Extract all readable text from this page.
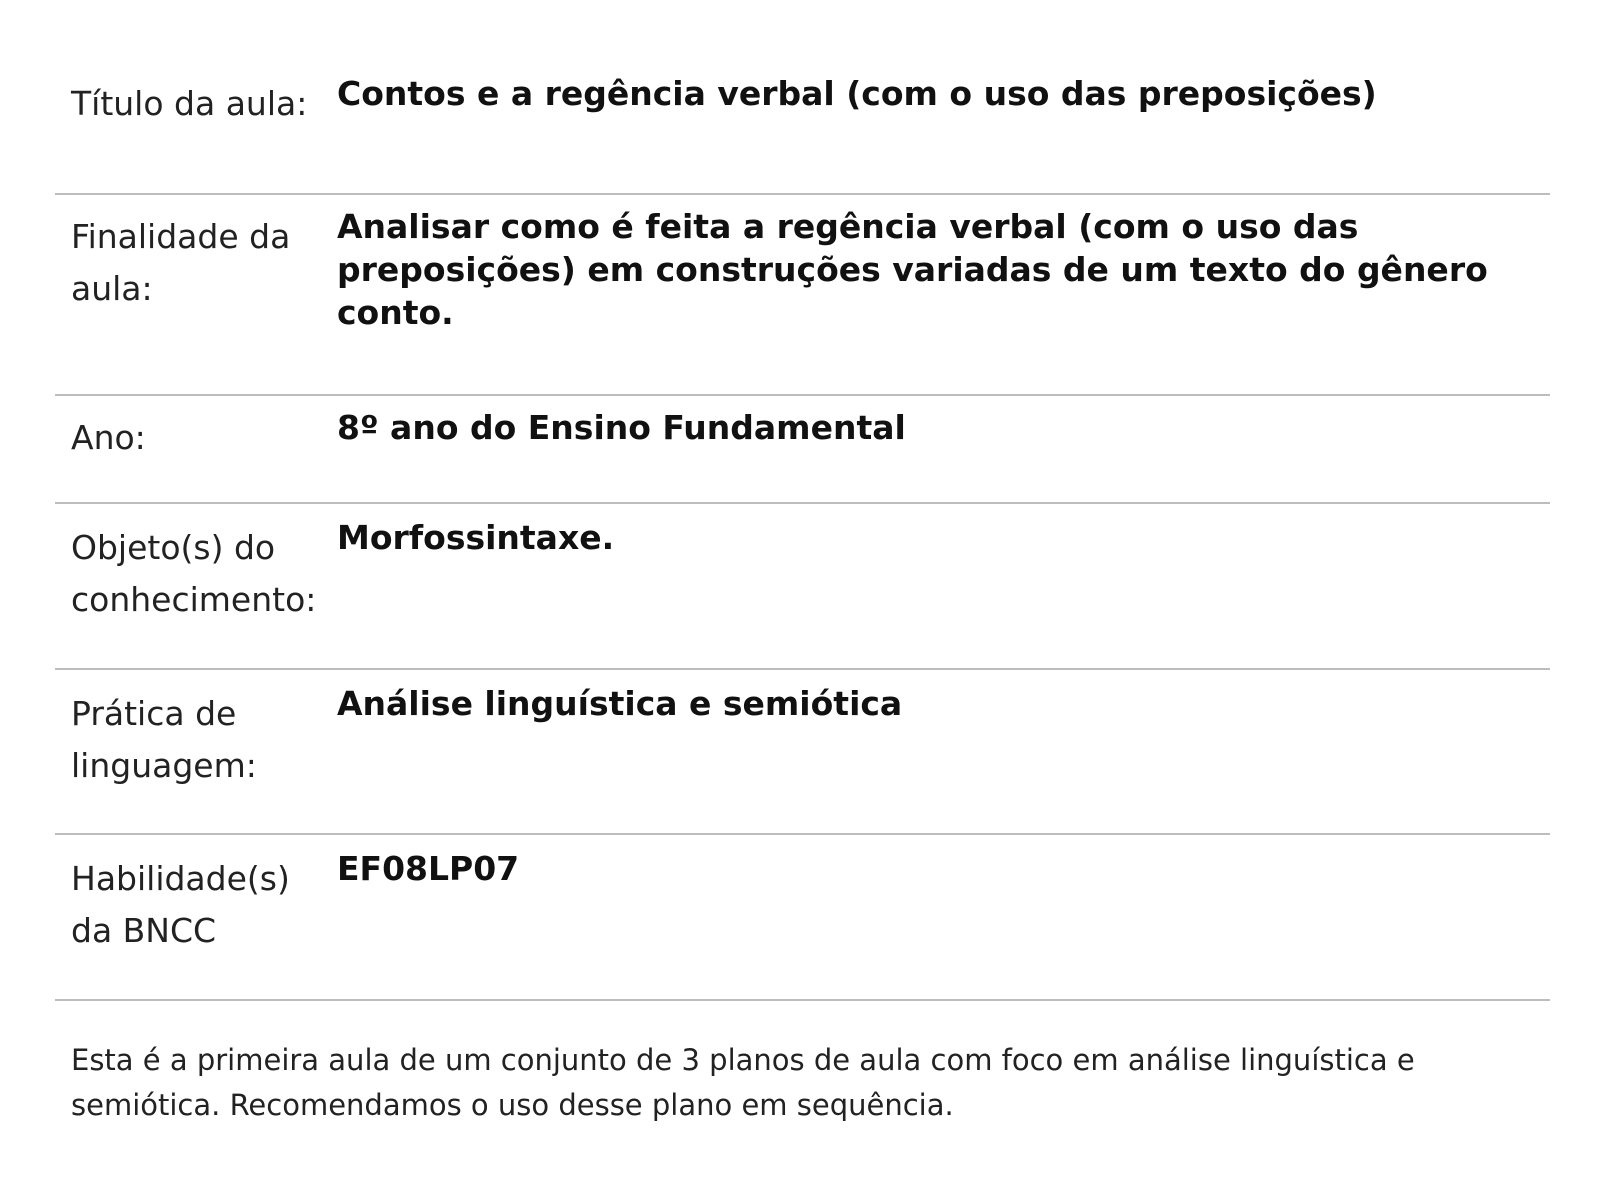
Título da aula: Contos e a regência verbal (com o uso das preposições)
Finalidade da aula:
Analisar como é feita a regência verbal (com o uso das preposições) em construções variadas de um texto do gênero conto.
Ano:	8º ano do Ensino Fundamental
Objeto(s) do conhecimento:
Morfossintaxe.
Prática de linguagem:
Análise linguística e semiótica
Habilidade(s) da BNCC
EF08LP07
Esta é a primeira aula de um conjunto de 3 planos de aula com foco em análise linguística e semiótica. Recomendamos o uso desse plano em sequência.
